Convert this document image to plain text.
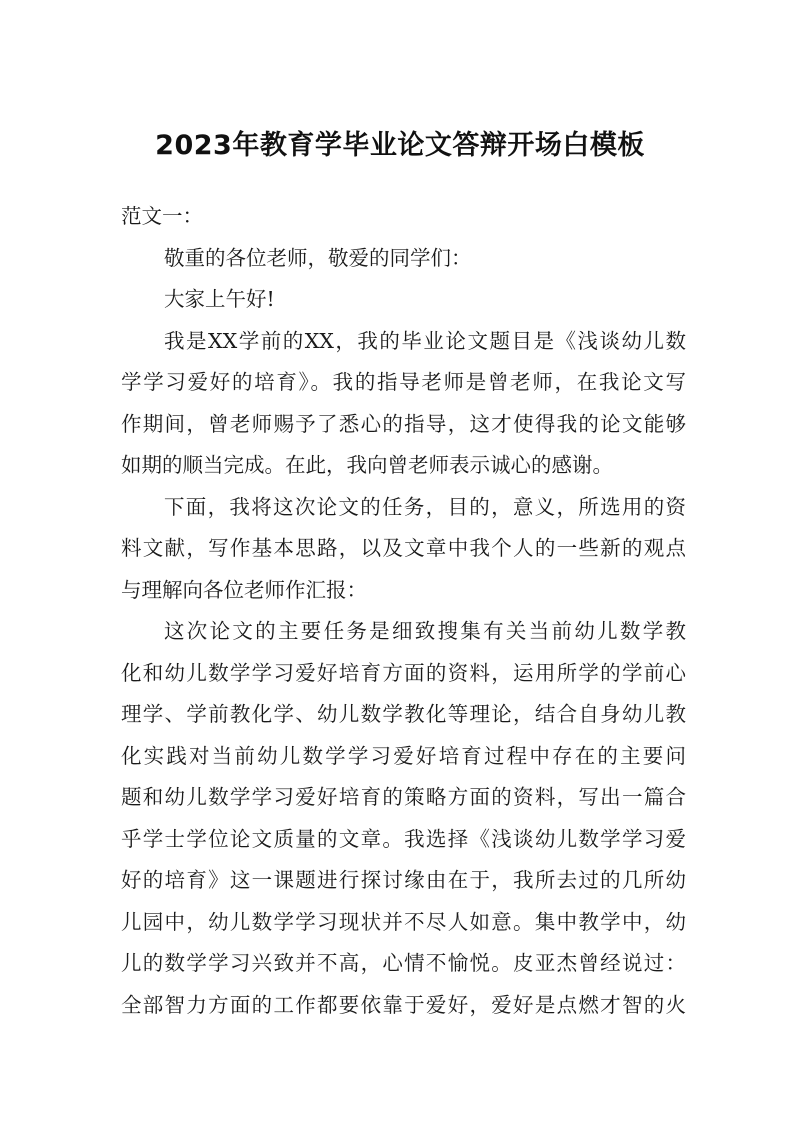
2023年教育学毕业论文答辩开场白模板
范文一：
敬重的各位老师，敬爱的同学们：
大家上午好!
我是XX学前的XX，我的毕业论文题目是《浅谈幼儿数
学学习爱好的培育》。我的指导老师是曾老师，在我论文写
作期间，曾老师赐予了悉心的指导，这才使得我的论文能够
如期的顺当完成。在此，我向曾老师表示诚心的感谢。
下面，我将这次论文的任务，目的，意义，所选用的资
料文献，写作基本思路，以及文章中我个人的一些新的观点
与理解向各位老师作汇报：
这次论文的主要任务是细致搜集有关当前幼儿数学教
化和幼儿数学学习爱好培育方面的资料，运用所学的学前心
理学、学前教化学、幼儿数学教化等理论，结合自身幼儿教
化实践对当前幼儿数学学习爱好培育过程中存在的主要问
题和幼儿数学学习爱好培育的策略方面的资料，写出一篇合
乎学士学位论文质量的文章。我选择《浅谈幼儿数学学习爱
好的培育》这一课题进行探讨缘由在于，我所去过的几所幼
儿园中，幼儿数学学习现状并不尽人如意。集中教学中，幼
儿的数学学习兴致并不高，心情不愉悦。皮亚杰曾经说过：
全部智力方面的工作都要依靠于爱好，爱好是点燃才智的火
